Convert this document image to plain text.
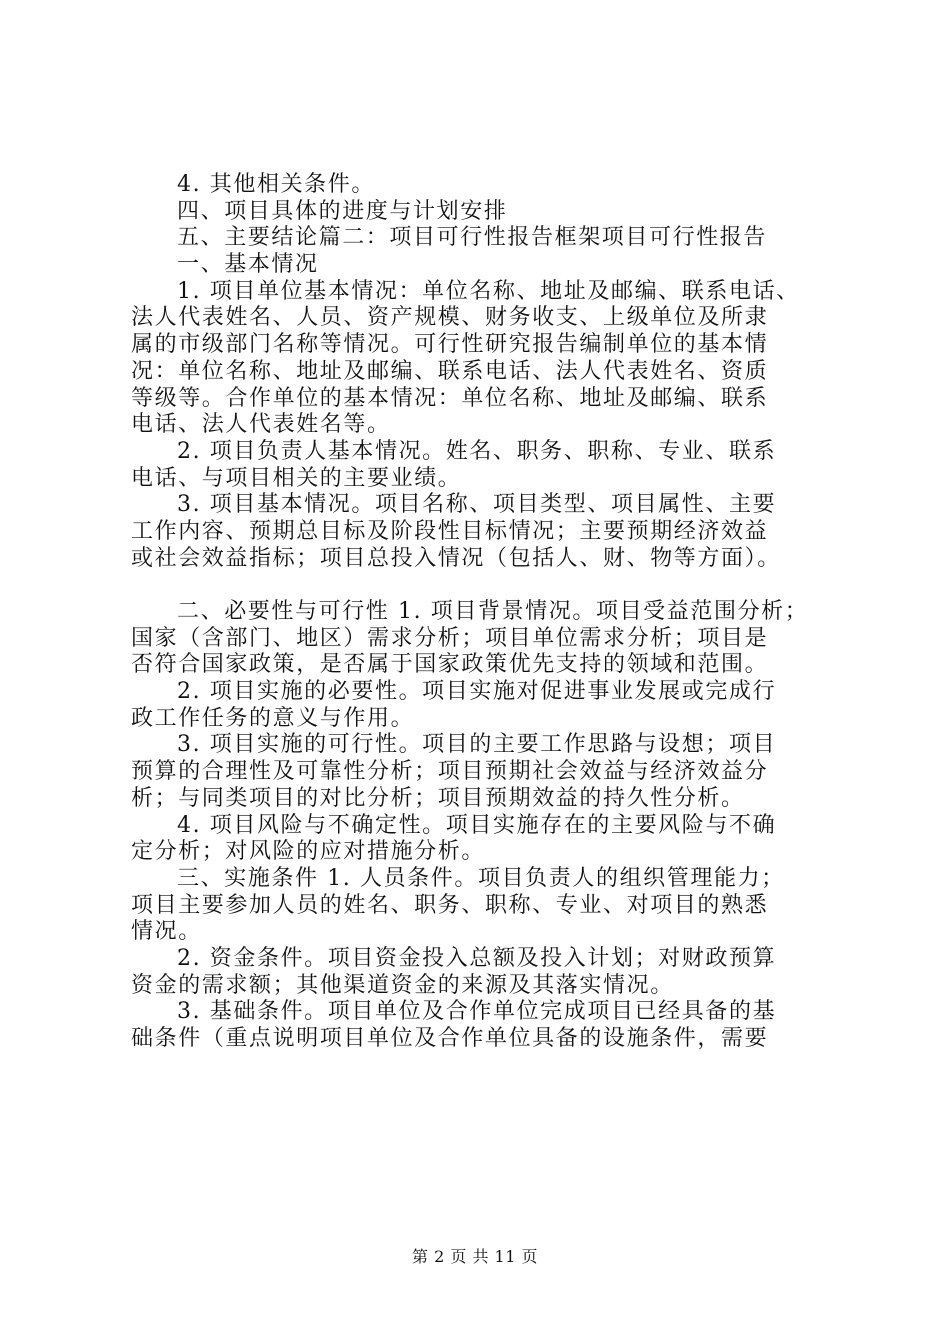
4. 其他相关条件。
四、项目具体的进度与计划安排
五、主要结论篇二：项目可行性报告框架项目可行性报告
一、基本情况
1. 项目单位基本情况：单位名称、地址及邮编、联系电话、
法人代表姓名、人员、资产规模、财务收支、上级单位及所隶
属的市级部门名称等情况。可行性研究报告编制单位的基本情
况：单位名称、地址及邮编、联系电话、法人代表姓名、资质
等级等。合作单位的基本情况：单位名称、地址及邮编、联系
电话、法人代表姓名等。
2. 项目负责人基本情况。姓名、职务、职称、专业、联系
电话、与项目相关的主要业绩。
3. 项目基本情况。项目名称、项目类型、项目属性、主要
工作内容、预期总目标及阶段性目标情况；主要预期经济效益
或社会效益指标；项目总投入情况（包括人、财、物等方面）。
二、必要性与可行性 1. 项目背景情况。项目受益范围分析；
国家（含部门、地区）需求分析；项目单位需求分析；项目是
否符合国家政策，是否属于国家政策优先支持的领域和范围。
2. 项目实施的必要性。项目实施对促进事业发展或完成行
政工作任务的意义与作用。
3. 项目实施的可行性。项目的主要工作思路与设想；项目
预算的合理性及可靠性分析；项目预期社会效益与经济效益分
析；与同类项目的对比分析；项目预期效益的持久性分析。
4. 项目风险与不确定性。项目实施存在的主要风险与不确
定分析；对风险的应对措施分析。
三、实施条件 1. 人员条件。项目负责人的组织管理能力；
项目主要参加人员的姓名、职务、职称、专业、对项目的熟悉
情况。
2. 资金条件。项目资金投入总额及投入计划；对财政预算
资金的需求额；其他渠道资金的来源及其落实情况。
3. 基础条件。项目单位及合作单位完成项目已经具备的基
础条件（重点说明项目单位及合作单位具备的设施条件，需要
第 2 页 共 11 页
